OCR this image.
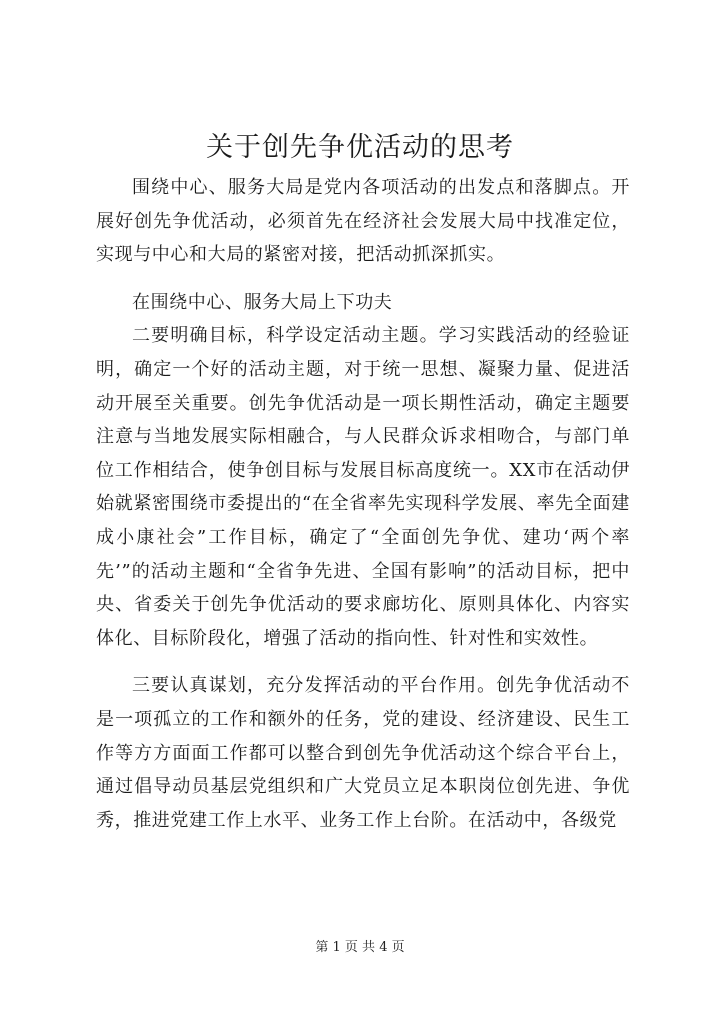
关于创先争优活动的思考

围绕中心、服务大局是党内各项活动的出发点和落脚点。开展好创先争优活动，必须首先在经济社会发展大局中找准定位，实现与中心和大局的紧密对接，把活动抓深抓实。

在围绕中心、服务大局上下功夫

二要明确目标，科学设定活动主题。学习实践活动的经验证明，确定一个好的活动主题，对于统一思想、凝聚力量、促进活动开展至关重要。创先争优活动是一项长期性活动，确定主题要注意与当地发展实际相融合，与人民群众诉求相吻合，与部门单位工作相结合，使争创目标与发展目标高度统一。XX市在活动伊始就紧密围绕市委提出的“在全省率先实现科学发展、率先全面建成小康社会”工作目标，确定了“全面创先争优、建功‘两个率先’”的活动主题和“全省争先进、全国有影响”的活动目标，把中央、省委关于创先争优活动的要求廊坊化、原则具体化、内容实体化、目标阶段化，增强了活动的指向性、针对性和实效性。

三要认真谋划，充分发挥活动的平台作用。创先争优活动不是一项孤立的工作和额外的任务，党的建设、经济建设、民生工作等方方面面工作都可以整合到创先争优活动这个综合平台上，通过倡导动员基层党组织和广大党员立足本职岗位创先进、争优秀，推进党建工作上水平、业务工作上台阶。在活动中，各级党

第 1 页 共 4 页
